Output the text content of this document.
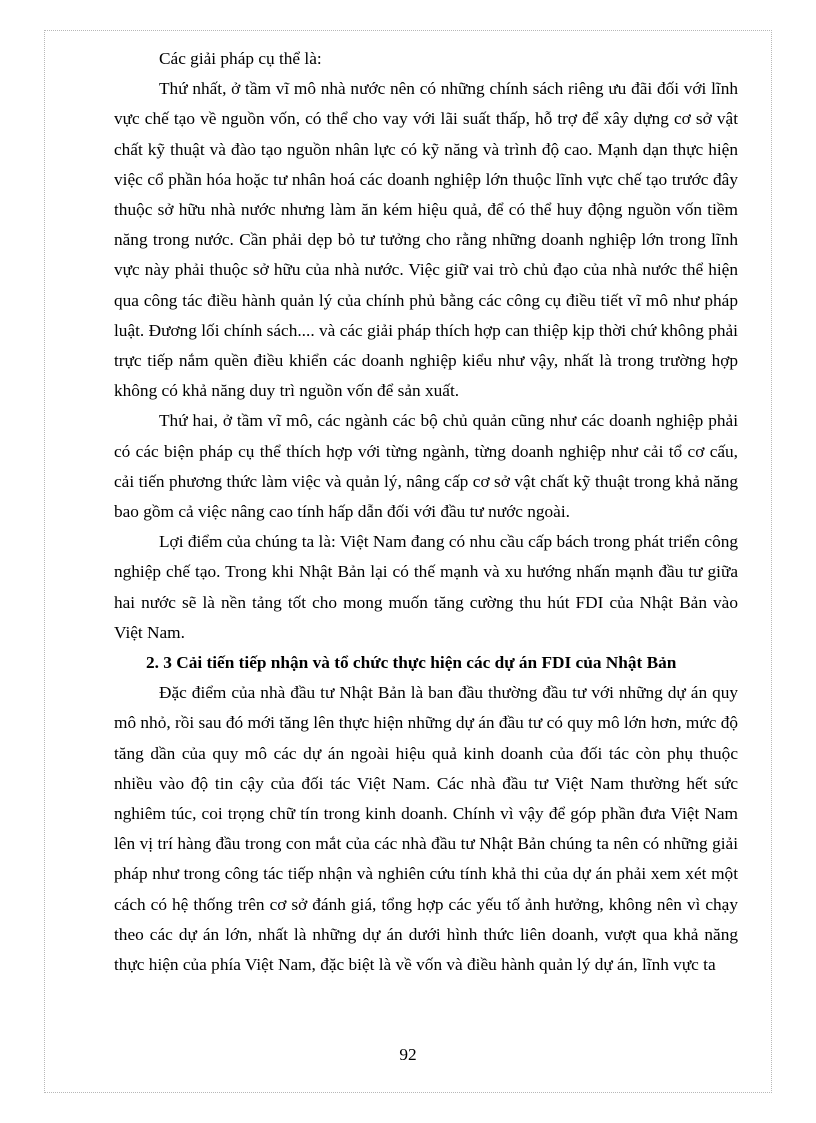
Các giải pháp cụ thể là:

Thứ nhất, ở tầm vĩ mô nhà nước nên có những chính sách riêng ưu đãi đối với lĩnh vực chế tạo về nguồn vốn, có thể cho vay với lãi suất thấp, hỗ trợ để xây dựng cơ sở vật chất kỹ thuật và đào tạo nguồn nhân lực có kỹ năng và trình độ cao. Mạnh dạn thực hiện việc cổ phần hóa hoặc tư nhân hoá các doanh nghiệp lớn thuộc lĩnh vực chế tạo trước đây thuộc sở hữu nhà nước nhưng làm ăn kém hiệu quả, để có thể huy động nguồn vốn tiềm năng trong nước. Cần phải dẹp bỏ tư tưởng cho rằng những doanh nghiệp lớn trong lĩnh vực này phải thuộc sở hữu của nhà nước. Việc giữ vai trò chủ đạo của nhà nước thể hiện qua công tác điều hành quản lý của chính phủ bằng các công cụ điều tiết vĩ mô như pháp luật. Đương lối chính sách.... và các giải pháp thích hợp can thiệp kịp thời chứ không phải trực tiếp nắm quền điều khiển các doanh nghiệp kiểu như vậy, nhất là trong trường hợp không có khả năng duy trì nguồn vốn để sản xuất.

Thứ hai, ở tầm vĩ mô, các ngành các bộ chủ quản cũng như các doanh nghiệp phải có các biện pháp cụ thể thích hợp với từng ngành, từng doanh nghiệp như cải tổ cơ cấu, cải tiến phương thức làm việc và quản lý, nâng cấp cơ sở vật chất kỹ thuật trong khả năng bao gồm cả việc nâng cao tính hấp dẫn đối với đầu tư nước ngoài.

Lợi điểm của chúng ta là: Việt Nam đang có nhu cầu cấp bách trong phát triển công nghiệp chế tạo. Trong khi Nhật Bản lại có thế mạnh và xu hướng nhấn mạnh đầu tư giữa hai nước sẽ là nền tảng tốt cho mong muốn tăng cường thu hút FDI của Nhật Bản vào Việt Nam.

2. 3 Cải tiến tiếp nhận và tổ chức thực hiện các dự án FDI của Nhật Bản

Đặc điểm của nhà đầu tư Nhật Bản là ban đầu thường đầu tư với những dự án quy mô nhỏ, rồi sau đó mới tăng lên thực hiện những dự án đầu tư có quy mô lớn hơn, mức độ tăng dần của quy mô các dự án ngoài hiệu quả kinh doanh của đối tác còn phụ thuộc nhiều vào độ tin cậy của đối tác Việt Nam. Các nhà đầu tư Việt Nam thường hết sức nghiêm túc, coi trọng chữ tín trong kinh doanh. Chính vì vậy để góp phần đưa Việt Nam lên vị trí hàng đầu trong con mắt của các nhà đầu tư Nhật Bản chúng ta nên có những giải pháp như trong công tác tiếp nhận và nghiên cứu tính khả thi của dự án phải xem xét một cách có hệ thống trên cơ sở đánh giá, tổng hợp các yếu tố ảnh hưởng, không nên vì chạy theo các dự án lớn, nhất là những dự án dưới hình thức liên doanh, vượt qua khả năng thực hiện của phía Việt Nam, đặc biệt là về vốn và điều hành quản lý dự án, lĩnh vực ta

92
